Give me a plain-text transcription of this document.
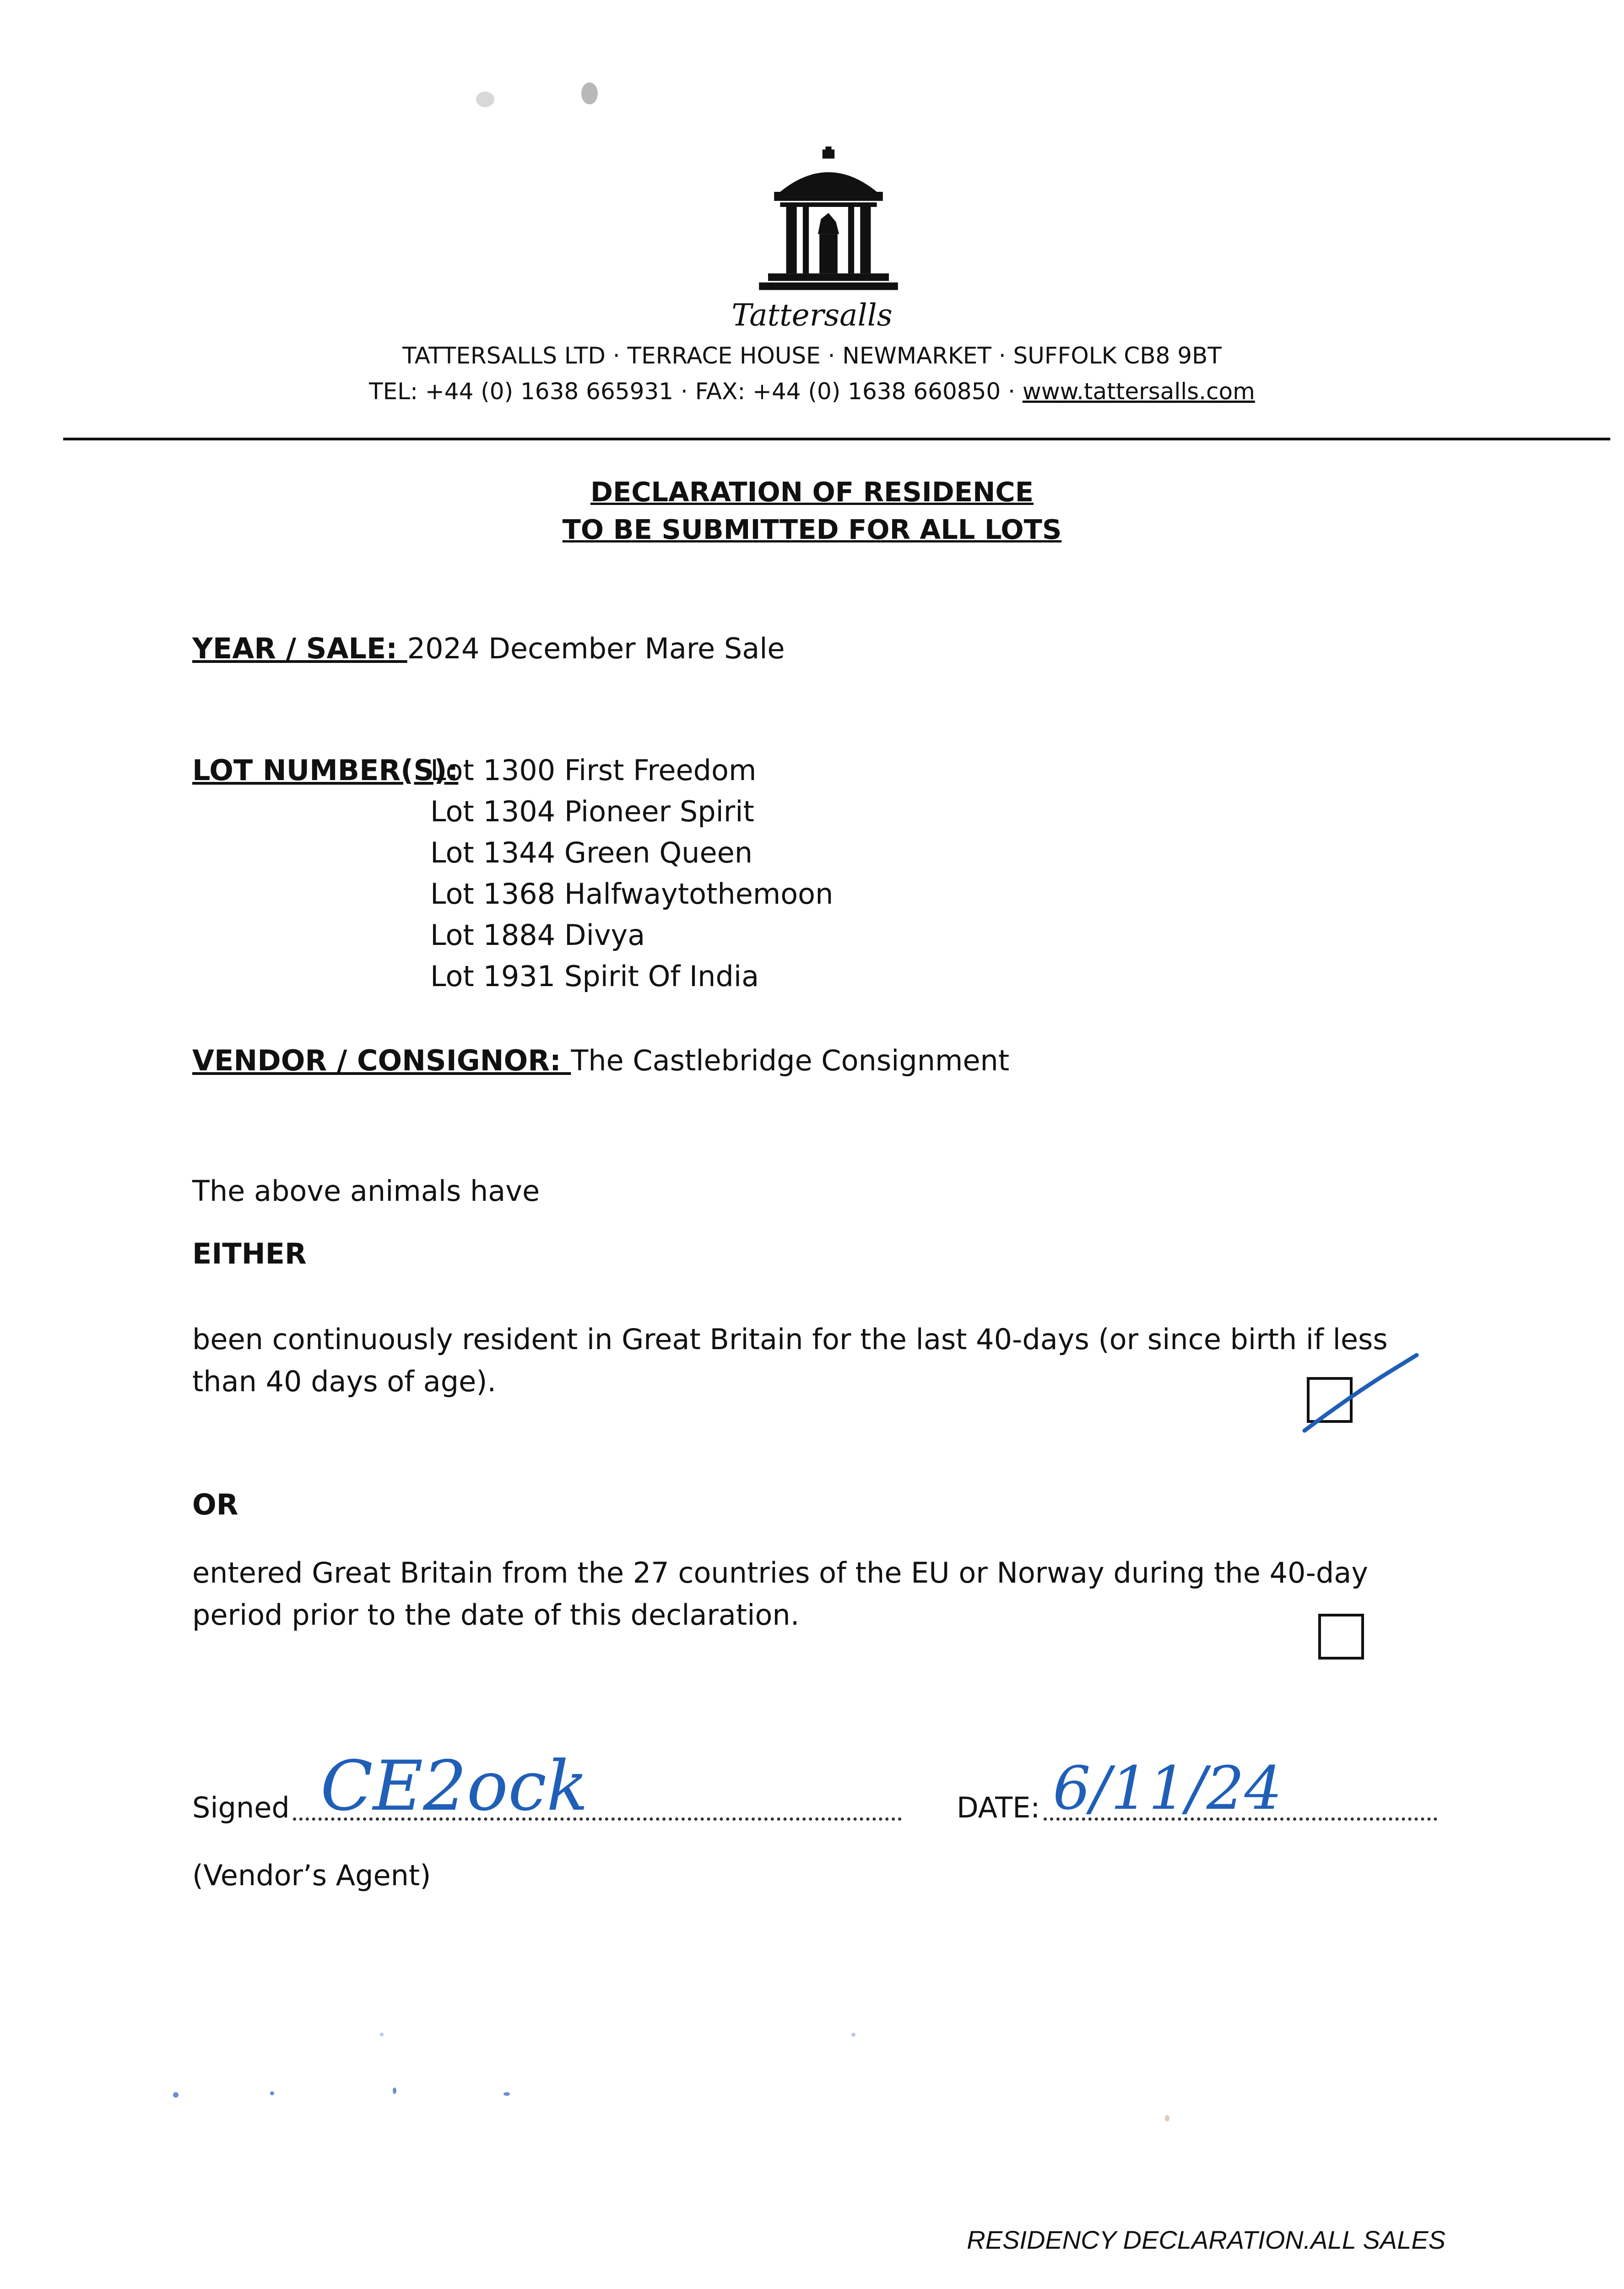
Tattersalls
TATTERSALLS LTD · TERRACE HOUSE · NEWMARKET · SUFFOLK CB8 9BT
TEL: +44 (0) 1638 665931 · FAX: +44 (0) 1638 660850 · www.tattersalls.com
DECLARATION OF RESIDENCE
TO BE SUBMITTED FOR ALL LOTS
YEAR / SALE: 2024 December Mare Sale
LOT NUMBER(S):
Lot 1300 First Freedom
Lot 1304 Pioneer Spirit
Lot 1344 Green Queen
Lot 1368 Halfwaytothemoon
Lot 1884 Divya
Lot 1931 Spirit Of India
VENDOR / CONSIGNOR: The Castlebridge Consignment
The above animals have
EITHER
been continuously resident in Great Britain for the last 40-days (or since birth if less than 40 days of age).
OR
entered Great Britain from the 27 countries of the EU or Norway during the 40-day period prior to the date of this declaration.
Signed CE2ock	DATE: 6/11/24
(Vendor’s Agent)
RESIDENCY DECLARATION.ALL SALES
